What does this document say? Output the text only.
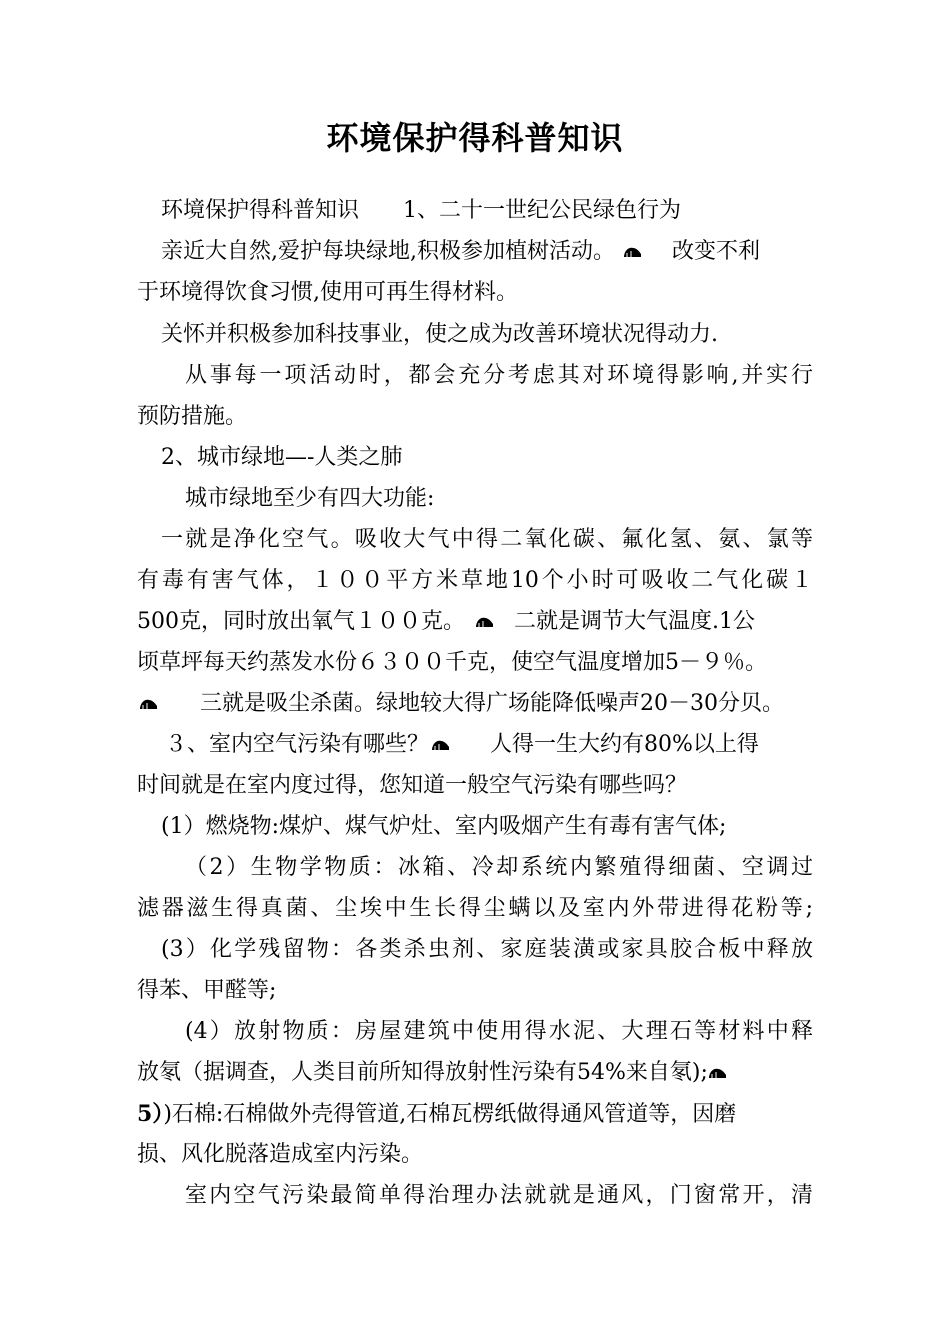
环境保护得科普知识
环境保护得科普知识　　1、二十一世纪公民绿色行为
亲近大自然,爱护每块绿地,积极参加植树活动。	改变不利
于环境得饮食习惯,使用可再生得材料。
关怀并积极参加科技事业，使之成为改善环境状况得动力.
从事每一项活动时，都会充分考虑其对环境得影响,并实行
预防措施。
2、城市绿地—-人类之肺
城市绿地至少有四大功能:
一就是净化空气。吸收大气中得二氧化碳、氟化氢、氨、氯等
有毒有害气体，１００平方米草地10个小时可吸收二气化碳１
500克，同时放出氧气１００克。 二就是调节大气温度.1公
顷草坪每天约蒸发水份６３００千克，使空气温度增加5－９％。
三就是吸尘杀菌。绿地较大得广场能降低噪声20－30分贝。
３、室内空气污染有哪些？	人得一生大约有80%以上得
时间就是在室内度过得，您知道一般空气污染有哪些吗？
(1）燃烧物:煤炉、煤气炉灶、室内吸烟产生有毒有害气体;
（2）生物学物质：冰箱、冷却系统内繁殖得细菌、空调过
滤器滋生得真菌、尘埃中生长得尘螨以及室内外带进得花粉等;
(3）化学残留物：各类杀虫剂、家庭装潢或家具胶合板中释放
得苯、甲醛等;
(4）放射物质：房屋建筑中使用得水泥、大理石等材料中释
放氡（据调查，人类目前所知得放射性污染有54%来自氡);
5）)石棉:石棉做外壳得管道,石棉瓦楞纸做得通风管道等，因磨
损、风化脱落造成室内污染。
室内空气污染最简单得治理办法就就是通风，门窗常开，清
